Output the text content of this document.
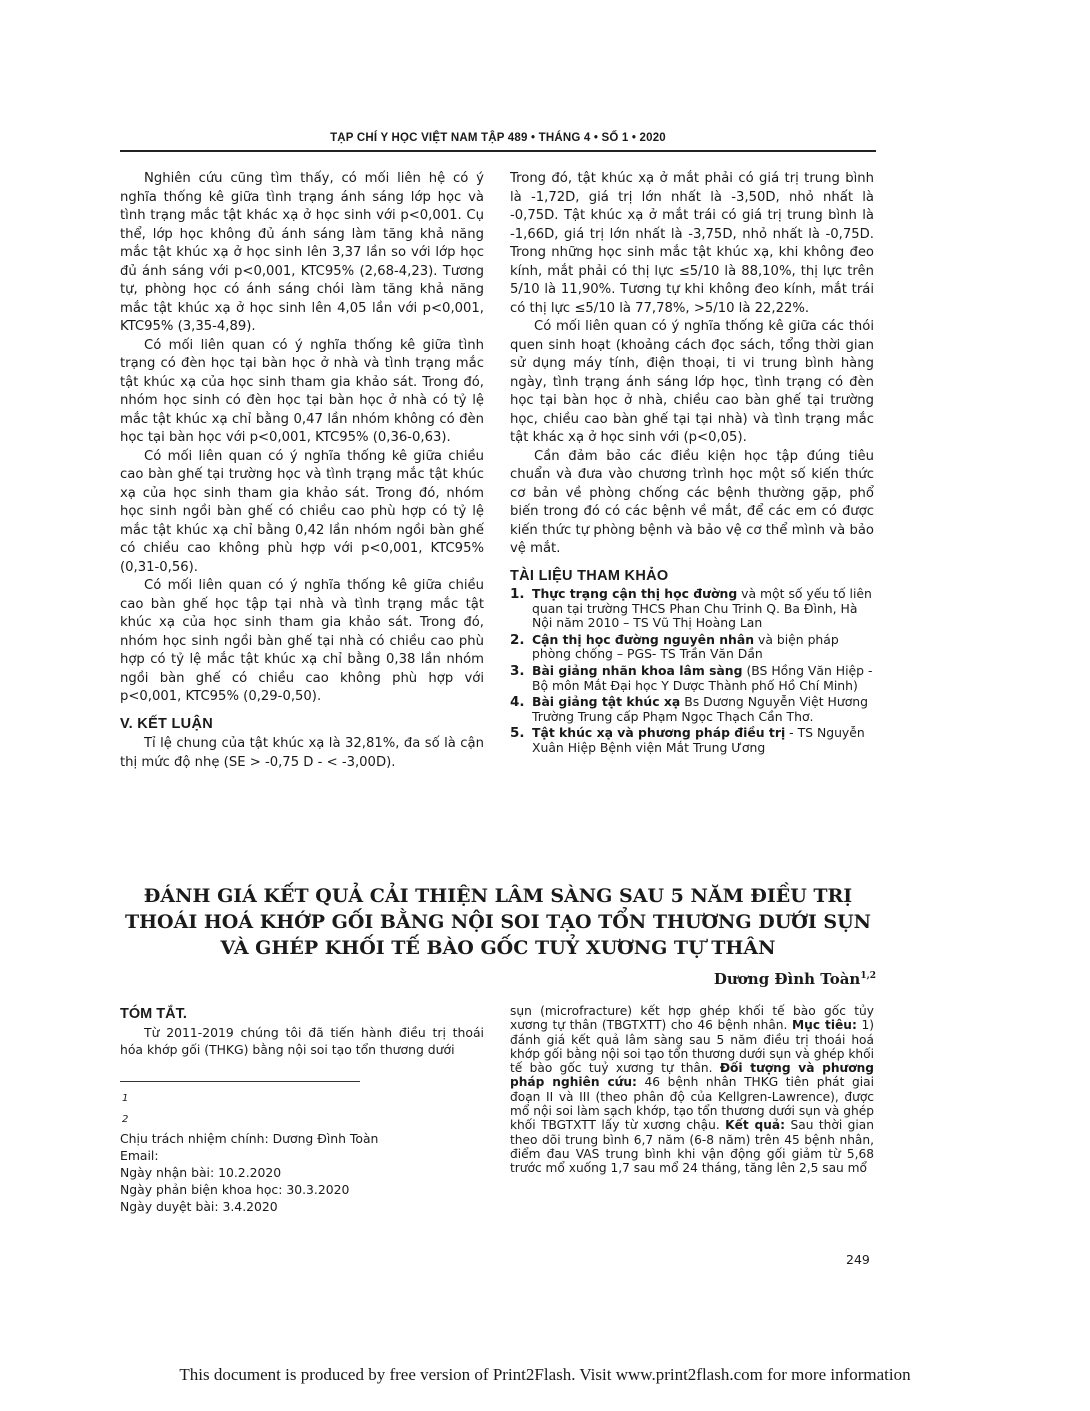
TẠP CHÍ Y HỌC VIỆT NAM TẬP 489 • THÁNG 4 • SỐ 1 • 2020

Nghiên cứu cũng tìm thấy, có mối liên hệ có ý nghĩa thống kê giữa tình trạng ánh sáng lớp học và tình trạng mắc tật khác xạ ở học sinh với p<0,001. Cụ thể, lớp học không đủ ánh sáng làm tăng khả năng mắc tật khúc xạ ở học sinh lên 3,37 lần so với lớp học đủ ánh sáng với p<0,001, KTC95% (2,68-4,23). Tương tự, phòng học có ánh sáng chói làm tăng khả năng mắc tật khúc xạ ở học sinh lên 4,05 lần với p<0,001, KTC95% (3,35-4,89).

Có mối liên quan có ý nghĩa thống kê giữa tình trạng có đèn học tại bàn học ở nhà và tình trạng mắc tật khúc xạ của học sinh tham gia khảo sát. Trong đó, nhóm học sinh có đèn học tại bàn học ở nhà có tỷ lệ mắc tật khúc xạ chỉ bằng 0,47 lần nhóm không có đèn học tại bàn học với p<0,001, KTC95% (0,36-0,63).

Có mối liên quan có ý nghĩa thống kê giữa chiều cao bàn ghế tại trường học và tình trạng mắc tật khúc xạ của học sinh tham gia khảo sát. Trong đó, nhóm học sinh ngồi bàn ghế có chiều cao phù hợp có tỷ lệ mắc tật khúc xạ chỉ bằng 0,42 lần nhóm ngồi bàn ghế có chiều cao không phù hợp với p<0,001, KTC95% (0,31-0,56).

Có mối liên quan có ý nghĩa thống kê giữa chiều cao bàn ghế học tập tại nhà và tình trạng mắc tật khúc xạ của học sinh tham gia khảo sát. Trong đó, nhóm học sinh ngồi bàn ghế tại nhà có chiều cao phù hợp có tỷ lệ mắc tật khúc xạ chỉ bằng 0,38 lần nhóm ngồi bàn ghế có chiều cao không phù hợp với p<0,001, KTC95% (0,29-0,50).

V. KẾT LUẬN

Tỉ lệ chung của tật khúc xạ là 32,81%, đa số là cận thị mức độ nhẹ (SE > -0,75 D - < -3,00D).

Trong đó, tật khúc xạ ở mắt phải có giá trị trung bình là -1,72D, giá trị lớn nhất là -3,50D, nhỏ nhất là -0,75D. Tật khúc xạ ở mắt trái có giá trị trung bình là -1,66D, giá trị lớn nhất là -3,75D, nhỏ nhất là -0,75D. Trong những học sinh mắc tật khúc xạ, khi không đeo kính, mắt phải có thị lực ≤5/10 là 88,10%, thị lực trên 5/10 là 11,90%. Tương tự khi không đeo kính, mắt trái có thị lực ≤5/10 là 77,78%, >5/10 là 22,22%.

Có mối liên quan có ý nghĩa thống kê giữa các thói quen sinh hoạt (khoảng cách đọc sách, tổng thời gian sử dụng máy tính, điện thoại, ti vi trung bình hàng ngày, tình trạng ánh sáng lớp học, tình trạng có đèn học tại bàn học ở nhà, chiều cao bàn ghế tại trường học, chiều cao bàn ghế tại tại nhà) và tình trạng mắc tật khác xạ ở học sinh với (p<0,05).

Cần đảm bảo các điều kiện học tập đúng tiêu chuẩn và đưa vào chương trình học một số kiến thức cơ bản về phòng chống các bệnh thường gặp, phổ biến trong đó có các bệnh về mắt, để các em có được kiến thức tự phòng bệnh và bảo vệ cơ thể mình và bảo vệ mắt.

TÀI LIỆU THAM KHẢO
1. Thực trạng cận thị học đường và một số yếu tố liên quan tại trường THCS Phan Chu Trinh Q. Ba Đình, Hà Nội năm 2010 – TS Vũ Thị Hoàng Lan
2. Cận thị học đường nguyên nhân và biện pháp phòng chống – PGS- TS Trần Văn Dần
3. Bài giảng nhãn khoa lâm sàng (BS Hồng Văn Hiệp - Bộ môn Mắt Đại học Y Dược Thành phố Hồ Chí Minh)
4. Bài giảng tật khúc xạ Bs Dương Nguyễn Việt Hương Trường Trung cấp Phạm Ngọc Thạch Cần Thơ.
5. Tật khúc xạ và phương pháp điều trị - TS Nguyễn Xuân Hiệp Bệnh viện Mắt Trung Ương
ĐÁNH GIÁ KẾT QUẢ CẢI THIỆN LÂM SÀNG SAU 5 NĂM ĐIỀU TRỊ
THOÁI HOÁ KHỚP GỐI BẰNG NỘI SOI TẠO TỔN THƯƠNG DƯỚI SỤN
VÀ GHÉP KHỐI TẾ BÀO GỐC TUỶ XƯƠNG TỰ THÂN
Dương Đình Toàn$^{1,2}$
TÓM TẮT.
Từ 2011-2019 chúng tôi đã tiến hành điều trị thoái hóa khớp gối (THKG) bằng nội soi tạo tổn thương dưới
1
2
Chịu trách nhiệm chính: Dương Đình Toàn
Email:
Ngày nhận bài: 10.2.2020
Ngày phản biện khoa học: 30.3.2020
Ngày duyệt bài: 3.4.2020
sụn (microfracture) kết hợp ghép khối tế bào gốc tủy xương tự thân (TBGTXTT) cho 46 bệnh nhân. Mục tiêu: 1) đánh giá kết quả lâm sàng sau 5 năm điều trị thoái hoá khớp gối bằng nội soi tạo tổn thương dưới sụn và ghép khối tế bào gốc tuỷ xương tự thân. Đối tượng và phương pháp nghiên cứu: 46 bệnh nhân THKG tiên phát giai đoạn II và III (theo phân độ của Kellgren-Lawrence), được mổ nội soi làm sạch khớp, tạo tổn thương dưới sụn và ghép khối TBGTXTT lấy từ xương chậu. Kết quả: Sau thời gian theo dõi trung bình 6,7 năm (6-8 năm) trên 45 bệnh nhân, điểm đau VAS trung bình khi vận động gối giảm từ 5,68 trước mổ xuống 1,7 sau mổ 24 tháng, tăng lên 2,5 sau mổ
249
This document is produced by free version of Print2Flash. Visit www.print2flash.com for more information
